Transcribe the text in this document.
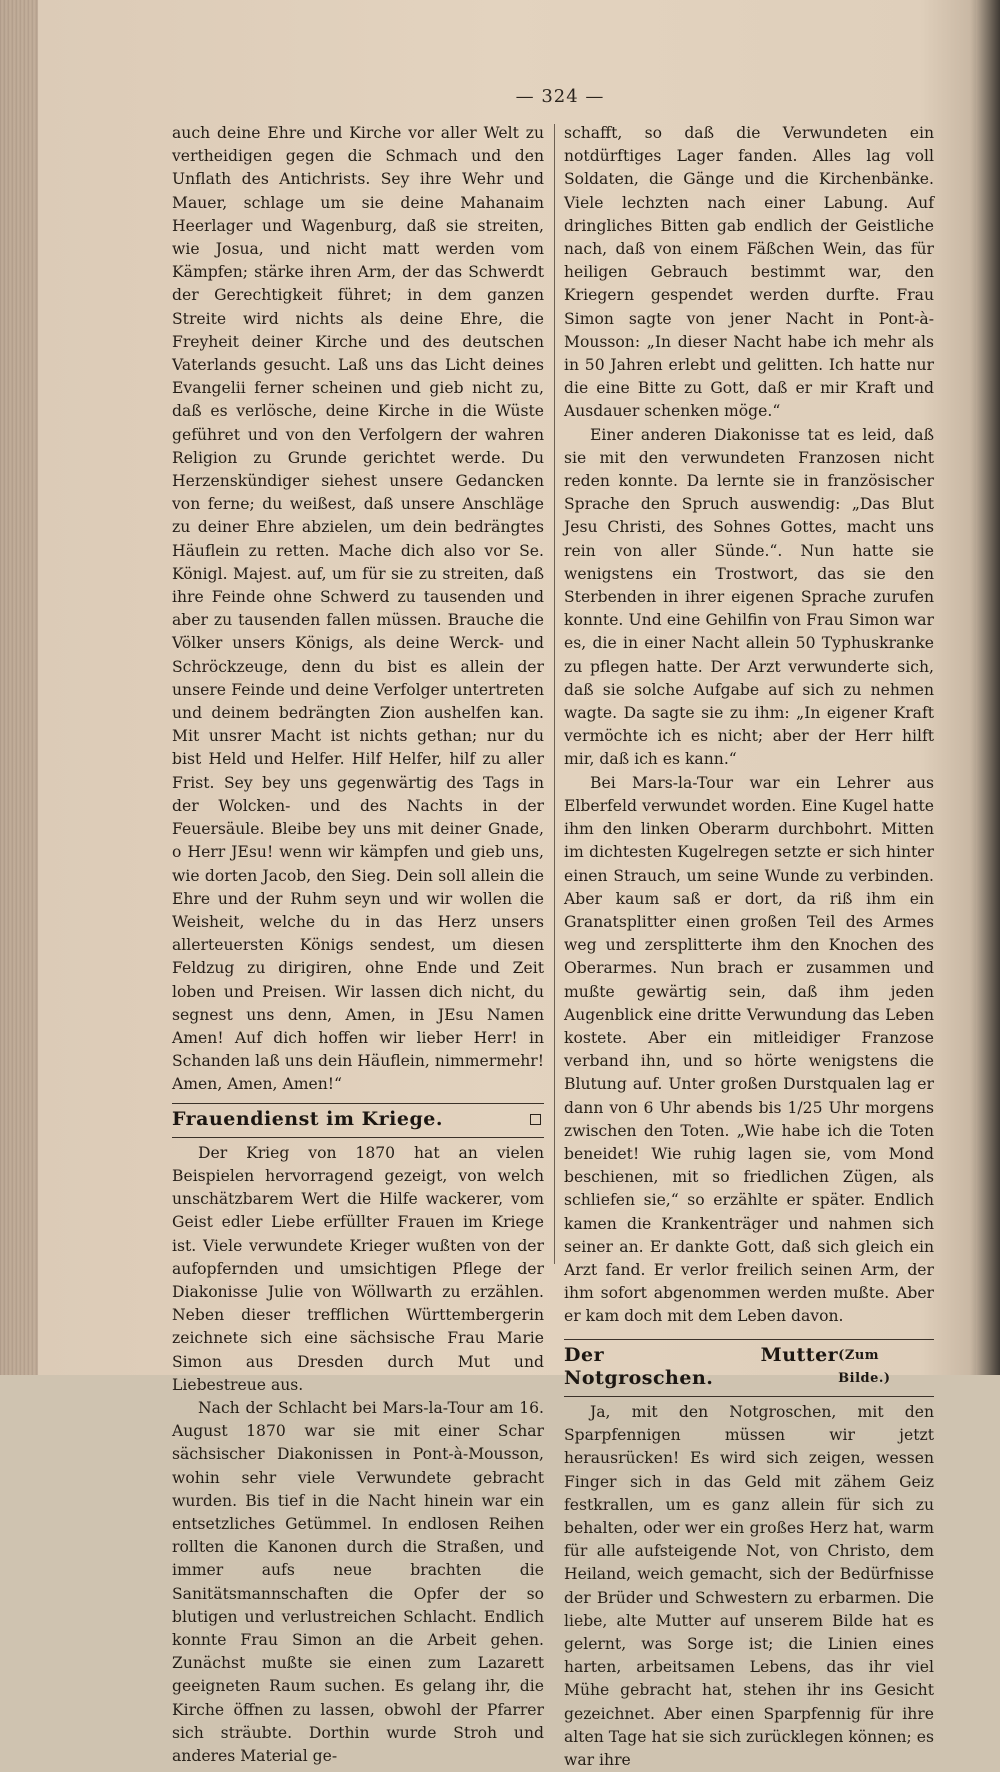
— 324 —

auch deine Ehre und Kirche vor aller Welt zu vertheidigen gegen die Schmach und den Unflath des Antichrists. Sey ihre Wehr und Mauer, schlage um sie deine Mahanaim Heerlager und Wagenburg, daß sie streiten, wie Josua, und nicht matt werden vom Kämpfen; stärke ihren Arm, der das Schwerdt der Gerechtigkeit führet; in dem ganzen Streite wird nichts als deine Ehre, die Freyheit deiner Kirche und des deutschen Vaterlands gesucht. Laß uns das Licht deines Evangelii ferner scheinen und gieb nicht zu, daß es verlösche, deine Kirche in die Wüste geführet und von den Verfolgern der wahren Religion zu Grunde gerichtet werde. Du Herzenskündiger siehest unsere Gedancken von ferne; du weißest, daß unsere Anschläge zu deiner Ehre abzielen, um dein bedrängtes Häuflein zu retten. Mache dich also vor Se. Königl. Majest. auf, um für sie zu streiten, daß ihre Feinde ohne Schwerd zu tausenden und aber zu tausenden fallen müssen. Brauche die Völker unsers Königs, als deine Werck- und Schröckzeuge, denn du bist es allein der unsere Feinde und deine Verfolger untertreten und deinem bedrängten Zion aushelfen kan. Mit unsrer Macht ist nichts gethan; nur du bist Held und Helfer. Hilf Helfer, hilf zu aller Frist. Sey bey uns gegenwärtig des Tags in der Wolcken- und des Nachts in der Feuersäule. Bleibe bey uns mit deiner Gnade, o Herr JEsu! wenn wir kämpfen und gieb uns, wie dorten Jacob, den Sieg. Dein soll allein die Ehre und der Ruhm seyn und wir wollen die Weisheit, welche du in das Herz unsers allerteuersten Königs sendest, um diesen Feldzug zu dirigiren, ohne Ende und Zeit loben und Preisen. Wir lassen dich nicht, du segnest uns denn, Amen, in JEsu Namen Amen! Auf dich hoffen wir lieber Herr! in Schanden laß uns dein Häuflein, nimmermehr! Amen, Amen, Amen!“

Frauendienst im Kriege.

Der Krieg von 1870 hat an vielen Beispielen hervorragend gezeigt, von welch unschätzbarem Wert die Hilfe wackerer, vom Geist edler Liebe erfüllter Frauen im Kriege ist. Viele verwundete Krieger wußten von der aufopfernden und umsichtigen Pflege der Diakonisse Julie von Wöllwarth zu erzählen. Neben dieser trefflichen Württembergerin zeichnete sich eine sächsische Frau Marie Simon aus Dresden durch Mut und Liebestreue aus.

Nach der Schlacht bei Mars-la-Tour am 16. August 1870 war sie mit einer Schar sächsischer Diakonissen in Pont-à-Mousson, wohin sehr viele Verwundete gebracht wurden. Bis tief in die Nacht hinein war ein entsetzliches Getümmel. In endlosen Reihen rollten die Kanonen durch die Straßen, und immer aufs neue brachten die Sanitätsmannschaften die Opfer der so blutigen und verlustreichen Schlacht. Endlich konnte Frau Simon an die Arbeit gehen. Zunächst mußte sie einen zum Lazarett geeigneten Raum suchen. Es gelang ihr, die Kirche öffnen zu lassen, obwohl der Pfarrer sich sträubte. Dorthin wurde Stroh und anderes Material ge-

schafft, so daß die Verwundeten ein notdürftiges Lager fanden. Alles lag voll Soldaten, die Gänge und die Kirchenbänke. Viele lechzten nach einer Labung. Auf dringliches Bitten gab endlich der Geistliche nach, daß von einem Fäßchen Wein, das für heiligen Gebrauch bestimmt war, den Kriegern gespendet werden durfte. Frau Simon sagte von jener Nacht in Pont-à-Mousson: „In dieser Nacht habe ich mehr als in 50 Jahren erlebt und gelitten. Ich hatte nur die eine Bitte zu Gott, daß er mir Kraft und Ausdauer schenken möge.“

Einer anderen Diakonisse tat es leid, daß sie mit den verwundeten Franzosen nicht reden konnte. Da lernte sie in französischer Sprache den Spruch auswendig: „Das Blut Jesu Christi, des Sohnes Gottes, macht uns rein von aller Sünde.“. Nun hatte sie wenigstens ein Trostwort, das sie den Sterbenden in ihrer eigenen Sprache zurufen konnte. Und eine Gehilfin von Frau Simon war es, die in einer Nacht allein 50 Typhuskranke zu pflegen hatte. Der Arzt verwunderte sich, daß sie solche Aufgabe auf sich zu nehmen wagte. Da sagte sie zu ihm: „In eigener Kraft vermöchte ich es nicht; aber der Herr hilft mir, daß ich es kann.“

Bei Mars-la-Tour war ein Lehrer aus Elberfeld verwundet worden. Eine Kugel hatte ihm den linken Oberarm durchbohrt. Mitten im dichtesten Kugelregen setzte er sich hinter einen Strauch, um seine Wunde zu verbinden. Aber kaum saß er dort, da riß ihm ein Granatsplitter einen großen Teil des Armes weg und zersplitterte ihm den Knochen des Oberarmes. Nun brach er zusammen und mußte gewärtig sein, daß ihm jeden Augenblick eine dritte Verwundung das Leben kostete. Aber ein mitleidiger Franzose verband ihn, und so hörte wenigstens die Blutung auf. Unter großen Durstqualen lag er dann von 6 Uhr abends bis 1/25 Uhr morgens zwischen den Toten. „Wie habe ich die Toten beneidet! Wie ruhig lagen sie, vom Mond beschienen, mit so friedlichen Zügen, als schliefen sie,“ so erzählte er später. Endlich kamen die Krankenträger und nahmen sich seiner an. Er dankte Gott, daß sich gleich ein Arzt fand. Er verlor freilich seinen Arm, der ihm sofort abgenommen werden mußte. Aber er kam doch mit dem Leben davon.

Der Mutter Notgroschen.
(Zum Bilde.)

Ja, mit den Notgroschen, mit den Sparpfennigen müssen wir jetzt herausrücken! Es wird sich zeigen, wessen Finger sich in das Geld mit zähem Geiz festkrallen, um es ganz allein für sich zu behalten, oder wer ein großes Herz hat, warm für alle aufsteigende Not, von Christo, dem Heiland, weich gemacht, sich der Bedürfnisse der Brüder und Schwestern zu erbarmen. Die liebe, alte Mutter auf unserem Bilde hat es gelernt, was Sorge ist; die Linien eines harten, arbeitsamen Lebens, das ihr viel Mühe gebracht hat, stehen ihr ins Gesicht gezeichnet. Aber einen Sparpfennig für ihre alten Tage hat sie sich zurücklegen können; es war ihre
